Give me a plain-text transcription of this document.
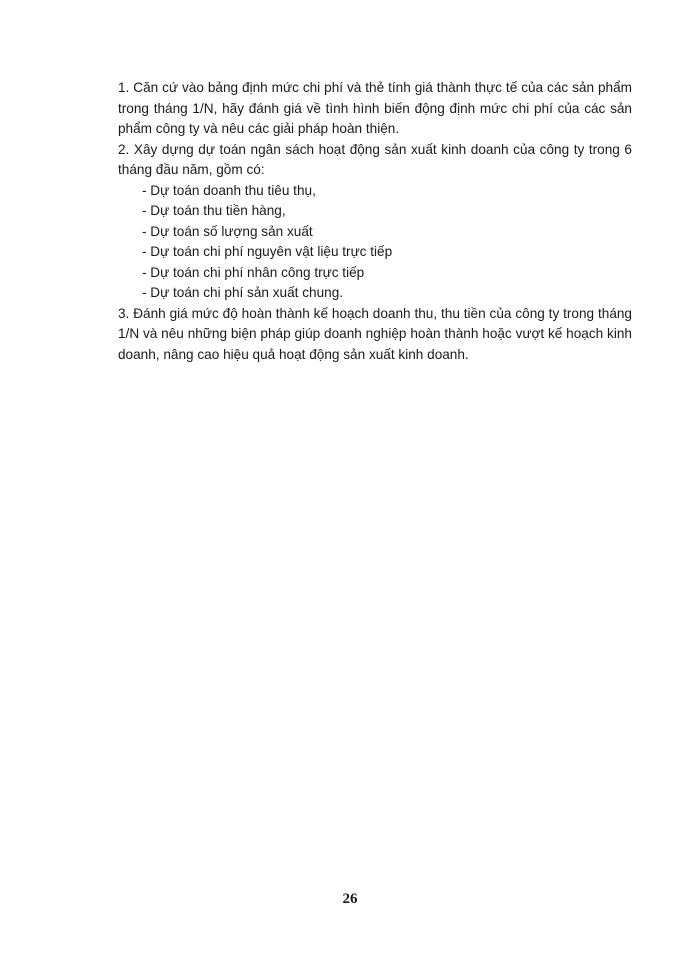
1. Căn cứ vào bảng định mức chi phí và thẻ tính giá thành thực tế của các sản phẩm trong tháng 1/N, hãy đánh giá về tình hình biến động định mức chi phí của các sản phẩm công ty và nêu các giải pháp hoàn thiện.

2. Xây dựng dự toán ngân sách hoạt động sản xuất kinh doanh của công ty trong 6 tháng đầu năm, gồm có:

- Dự toán doanh thu tiêu thụ,
- Dự toán thu tiền hàng,
- Dự toán số lượng sản xuất
- Dự toán chi phí nguyên vật liệu trực tiếp
- Dự toán chi phí nhân công trực tiếp
- Dự toán chi phí sản xuất chung.

3. Đánh giá mức độ hoàn thành kế hoạch doanh thu, thu tiền của công ty trong tháng 1/N và nêu những biện pháp giúp doanh nghiệp hoàn thành hoặc vượt kế hoạch kinh doanh, nâng cao hiệu quả hoạt động sản xuất kinh doanh.

26
